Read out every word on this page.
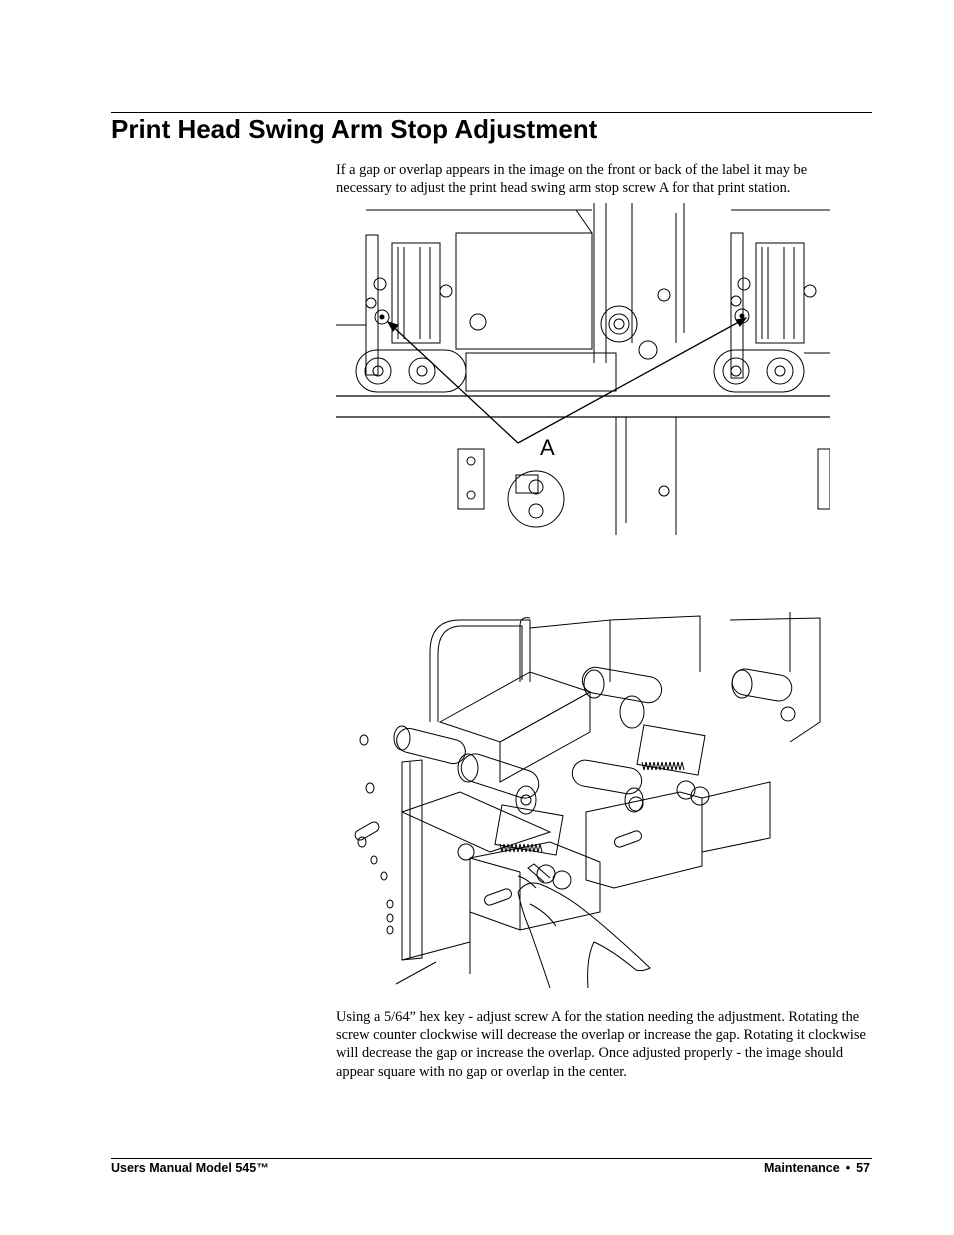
Print Head Swing Arm Stop Adjustment

If a gap or overlap appears in the image on the front or back of the label it may be necessary to adjust the print head swing arm stop screw A for that print station.

A

Using a 5/64” hex key - adjust screw A for the station needing the adjustment. Rotating the screw counter clockwise will decrease the overlap or increase the gap. Rotating it clockwise will decrease the gap or increase the overlap. Once adjusted properly - the image should appear square with no gap or overlap in the center.

Users Manual Model 545™	Maintenance • 57
